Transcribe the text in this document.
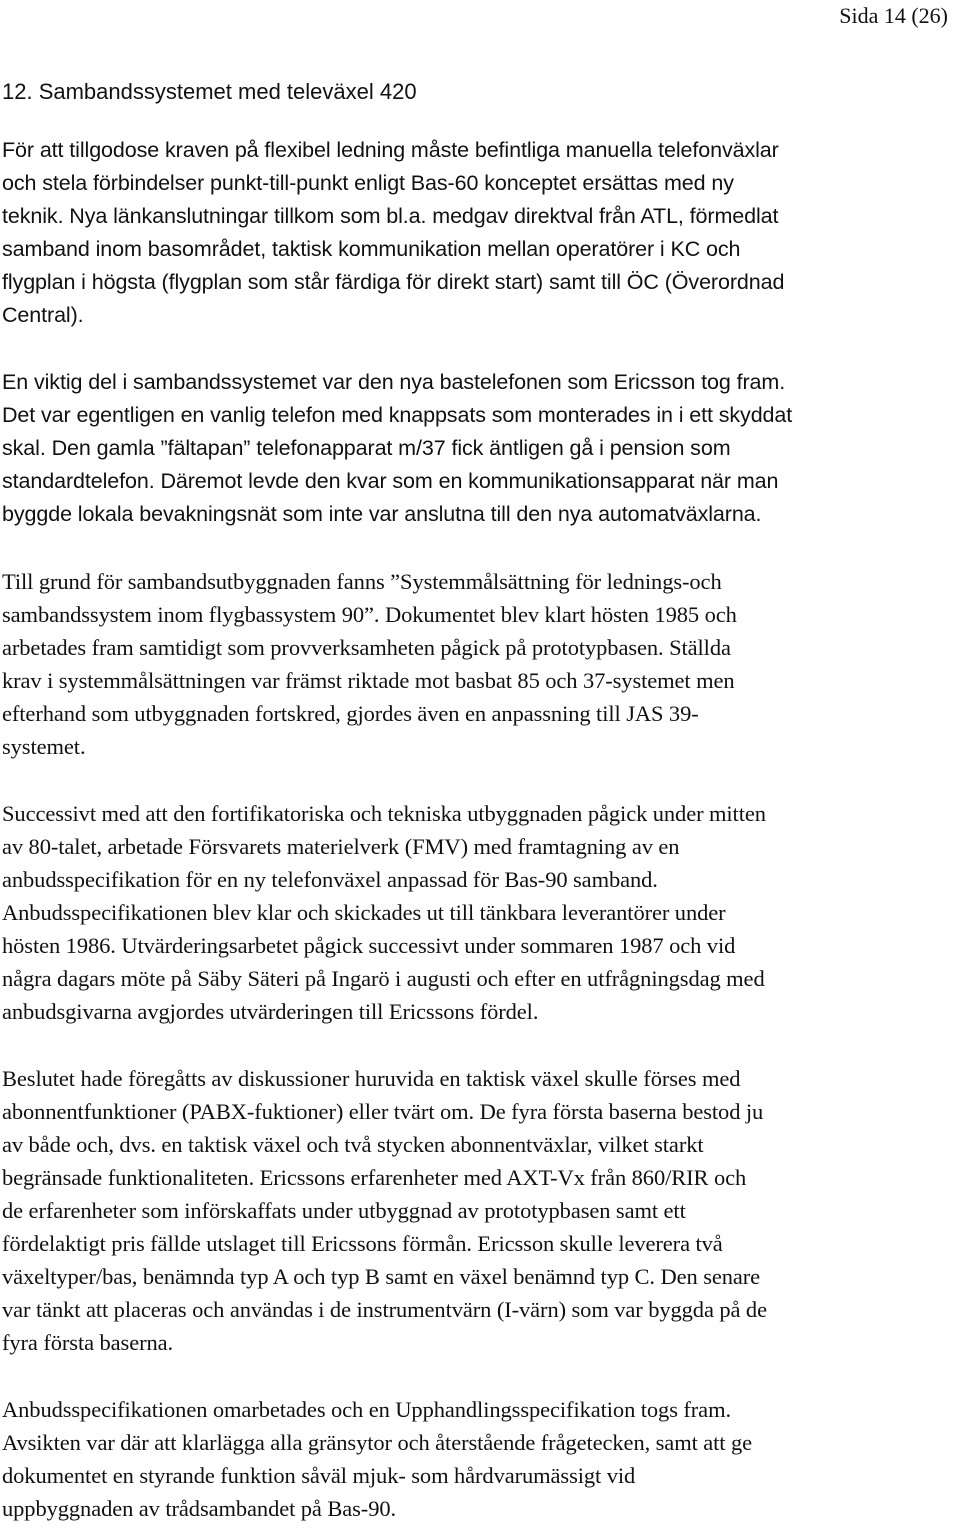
Sida 14 (26)
12. Sambandssystemet med televäxel 420
För att tillgodose kraven på flexibel ledning måste befintliga manuella telefonväxlar
och stela förbindelser punkt-till-punkt enligt Bas-60 konceptet ersättas med ny
teknik. Nya länkanslutningar tillkom som bl.a. medgav direktval från ATL, förmedlat
samband inom basområdet, taktisk kommunikation mellan operatörer i KC och
flygplan i högsta (flygplan som står färdiga för direkt start) samt till ÖC (Överordnad
Central).
En viktig del i sambandssystemet var den nya bastelefonen som Ericsson tog fram.
Det var egentligen en vanlig telefon med knappsats som monterades in i ett skyddat
skal. Den gamla ”fältapan” telefonapparat m/37 fick äntligen gå i pension som
standardtelefon. Däremot levde den kvar som en kommunikationsapparat när man
byggde lokala bevakningsnät som inte var anslutna till den nya automatväxlarna.
Till grund för sambandsutbyggnaden fanns ”Systemmålsättning för lednings-och
sambandssystem inom flygbassystem 90”. Dokumentet blev klart hösten 1985 och
arbetades fram samtidigt som provverksamheten pågick på prototypbasen. Ställda
krav i systemmålsättningen var främst riktade mot basbat 85 och 37-systemet men
efterhand som utbyggnaden fortskred, gjordes även en anpassning till JAS 39-
systemet.
Successivt med att den fortifikatoriska och tekniska utbyggnaden pågick under mitten
av 80-talet, arbetade Försvarets materielverk (FMV) med framtagning av en
anbudsspecifikation för en ny telefonväxel anpassad för Bas-90 samband.
Anbudsspecifikationen blev klar och skickades ut till tänkbara leverantörer under
hösten 1986. Utvärderingsarbetet pågick successivt under sommaren 1987 och vid
några dagars möte på Säby Säteri på Ingarö i augusti och efter en utfrågningsdag med
anbudsgivarna avgjordes utvärderingen till Ericssons fördel.
Beslutet hade föregåtts av diskussioner huruvida en taktisk växel skulle förses med
abonnentfunktioner (PABX-fuktioner) eller tvärt om. De fyra första baserna bestod ju
av både och, dvs. en taktisk växel och två stycken abonnentväxlar, vilket starkt
begränsade funktionaliteten. Ericssons erfarenheter med AXT-Vx från 860/RIR och
de erfarenheter som införskaffats under utbyggnad av prototypbasen samt ett
fördelaktigt pris fällde utslaget till Ericssons förmån. Ericsson skulle leverera två
växeltyper/bas, benämnda typ A och typ B samt en växel benämnd typ C. Den senare
var tänkt att placeras och användas i de instrumentvärn (I-värn) som var byggda på de
fyra första baserna.
Anbudsspecifikationen omarbetades och en Upphandlingsspecifikation togs fram.
Avsikten var där att klarlägga alla gränsytor och återstående frågetecken, samt att ge
dokumentet en styrande funktion såväl mjuk- som hårdvarumässigt vid
uppbyggnaden av trådsambandet på Bas-90.
